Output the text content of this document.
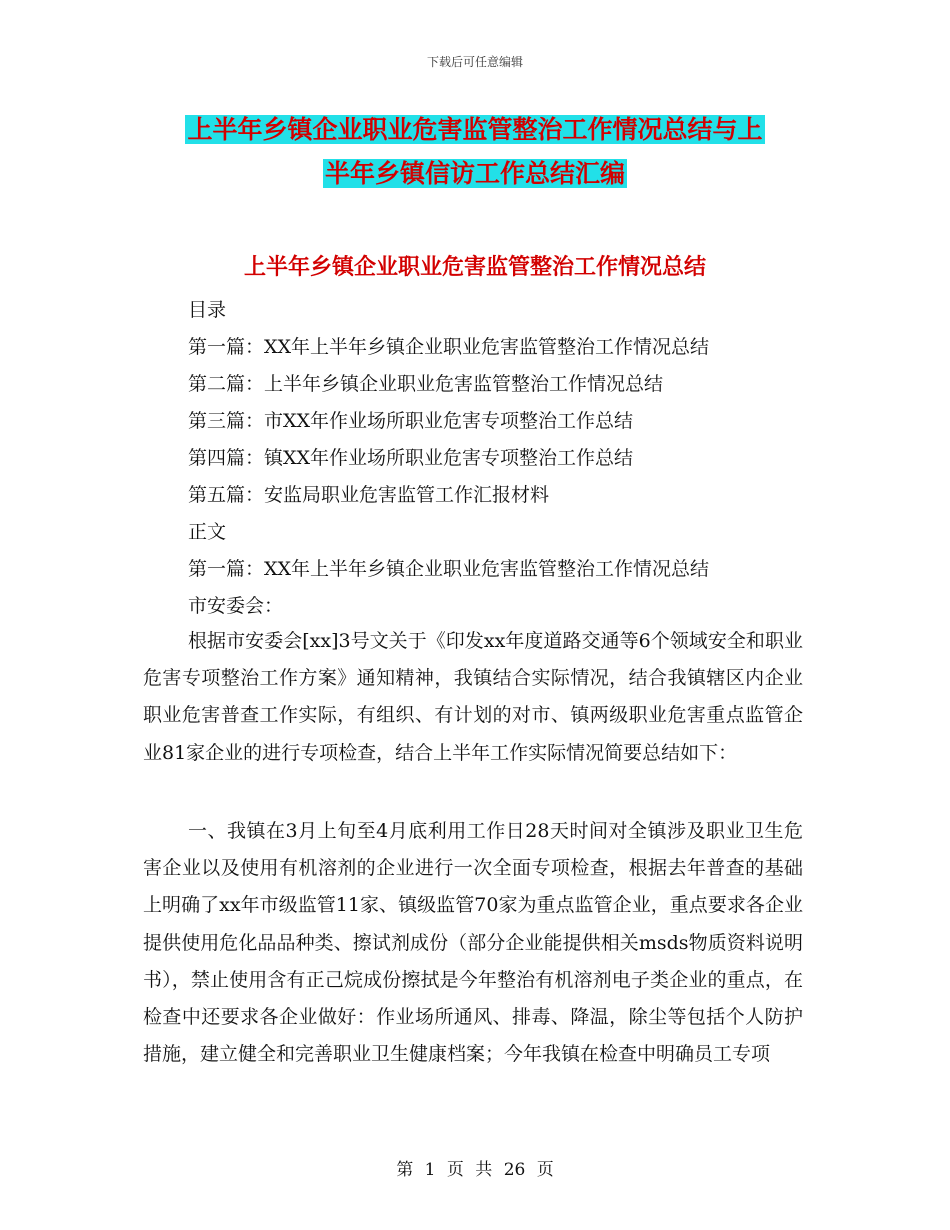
下载后可任意编辑
上半年乡镇企业职业危害监管整治工作情况总结与上
半年乡镇信访工作总结汇编
上半年乡镇企业职业危害监管整治工作情况总结
目录
第一篇：XX年上半年乡镇企业职业危害监管整治工作情况总结
第二篇：上半年乡镇企业职业危害监管整治工作情况总结
第三篇：市XX年作业场所职业危害专项整治工作总结
第四篇：镇XX年作业场所职业危害专项整治工作总结
第五篇：安监局职业危害监管工作汇报材料
正文
第一篇：XX年上半年乡镇企业职业危害监管整治工作情况总结
市安委会：

根据市安委会[xx]3号文关于《印发xx年度道路交通等6个领域安全和职业危害专项整治工作方案》通知精神，我镇结合实际情况，结合我镇辖区内企业职业危害普查工作实际，有组织、有计划的对市、镇两级职业危害重点监管企业81家企业的进行专项检查，结合上半年工作实际情况简要总结如下：

一、我镇在3月上旬至4月底利用工作日28天时间对全镇涉及职业卫生危害企业以及使用有机溶剂的企业进行一次全面专项检查，根据去年普查的基础上明确了xx年市级监管11家、镇级监管70家为重点监管企业，重点要求各企业提供使用危化品品种类、擦试剂成份（部分企业能提供相关msds物质资料说明书），禁止使用含有正己烷成份擦拭是今年整治有机溶剂电子类企业的重点，在检查中还要求各企业做好：作业场所通风、排毒、降温，除尘等包括个人防护措施，建立健全和完善职业卫生健康档案；今年我镇在检查中明确员工专项

第 1 页 共 26 页
